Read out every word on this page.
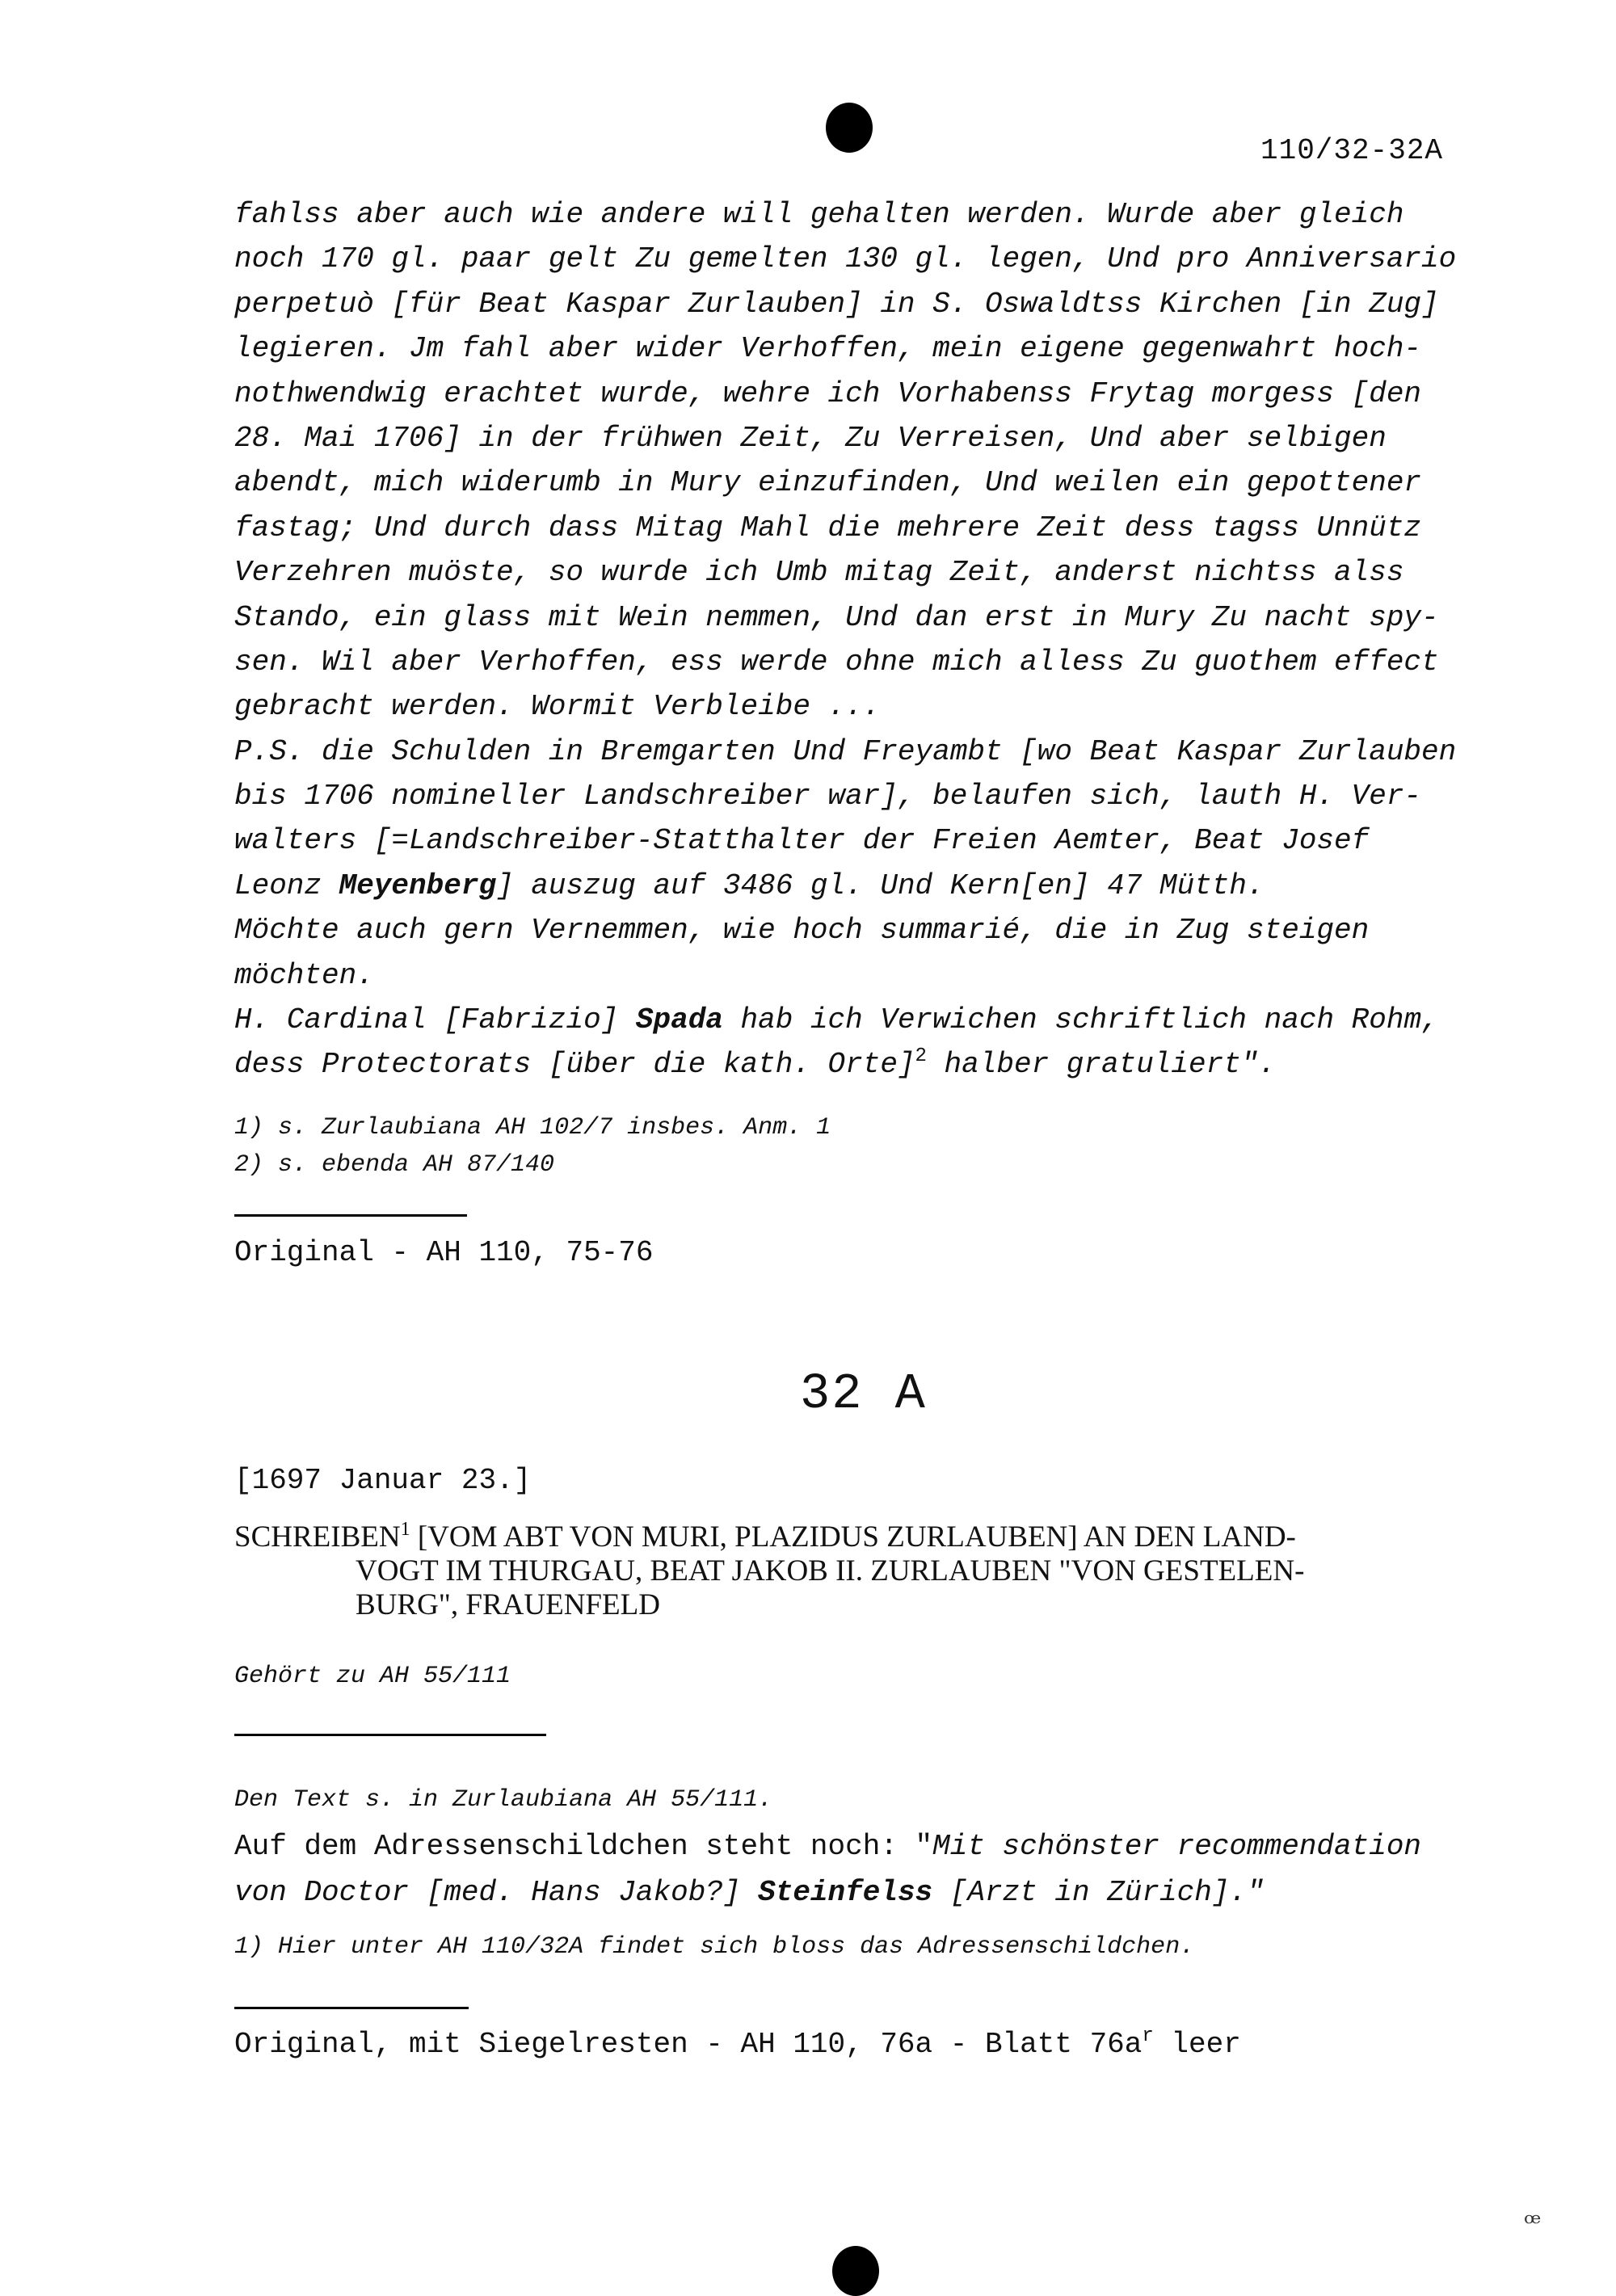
110/32-32A
fahlss aber auch wie andere will gehalten werden. Wurde aber gleich
noch 170 gl. paar gelt Zu gemelten 130 gl. legen, Und pro Anniversario
perpetuò [für Beat Kaspar Zurlauben] in S. Oswaldtss Kirchen [in Zug]
legieren. Jm fahl aber wider Verhoffen, mein eigene gegenwahrt hoch-
nothwendwig erachtet wurde, wehre ich Vorhabenss Frytag morgess [den
28. Mai 1706] in der frühwen Zeit, Zu Verreisen, Und aber selbigen
abendt, mich widerumb in Mury einzufinden, Und weilen ein gepottener
fastag; Und durch dass Mitag Mahl die mehrere Zeit dess tagss Unnütz
Verzehren muöste, so wurde ich Umb mitag Zeit, anderst nichtss alss
Stando, ein glass mit Wein nemmen, Und dan erst in Mury Zu nacht spy-
sen. Wil aber Verhoffen, ess werde ohne mich alless Zu guothem effect
gebracht werden. Wormit Verbleibe ...
P.S. die Schulden in Bremgarten Und Freyambt [wo Beat Kaspar Zurlauben
bis 1706 nomineller Landschreiber war], belaufen sich, lauth H. Ver-
walters [=Landschreiber-Statthalter der Freien Aemter, Beat Josef
Leonz Meyenberg] auszug auf 3486 gl. Und Kern[en] 47 Mütth.
Möchte auch gern Vernemmen, wie hoch summarié, die in Zug steigen
möchten.
H. Cardinal [Fabrizio] Spada hab ich Verwichen schriftlich nach Rohm,
dess Protectorats [über die kath. Orte]$^2$ halber gratuliert".
1) s. Zurlaubiana AH 102/7 insbes. Anm. 1
2) s. ebenda AH 87/140
Original - AH 110, 75-76
32 A
[1697 Januar 23.]
SCHREIBEN$^1$ [VOM ABT VON MURI, PLAZIDUS ZURLAUBEN] AN DEN LAND-
VOGT IM THURGAU, BEAT JAKOB II. ZURLAUBEN "VON GESTELEN-
BURG", FRAUENFELD
Gehört zu AH 55/111
Den Text s. in Zurlaubiana AH 55/111.
Auf dem Adressenschildchen steht noch: "Mit schönster recommendation
von Doctor [med. Hans Jakob?] Steinfelss [Arzt in Zürich]."
1) Hier unter AH 110/32A findet sich bloss das Adressenschildchen.
Original, mit Siegelresten - AH 110, 76a - Blatt $76a^r$ leer
ꟹ
